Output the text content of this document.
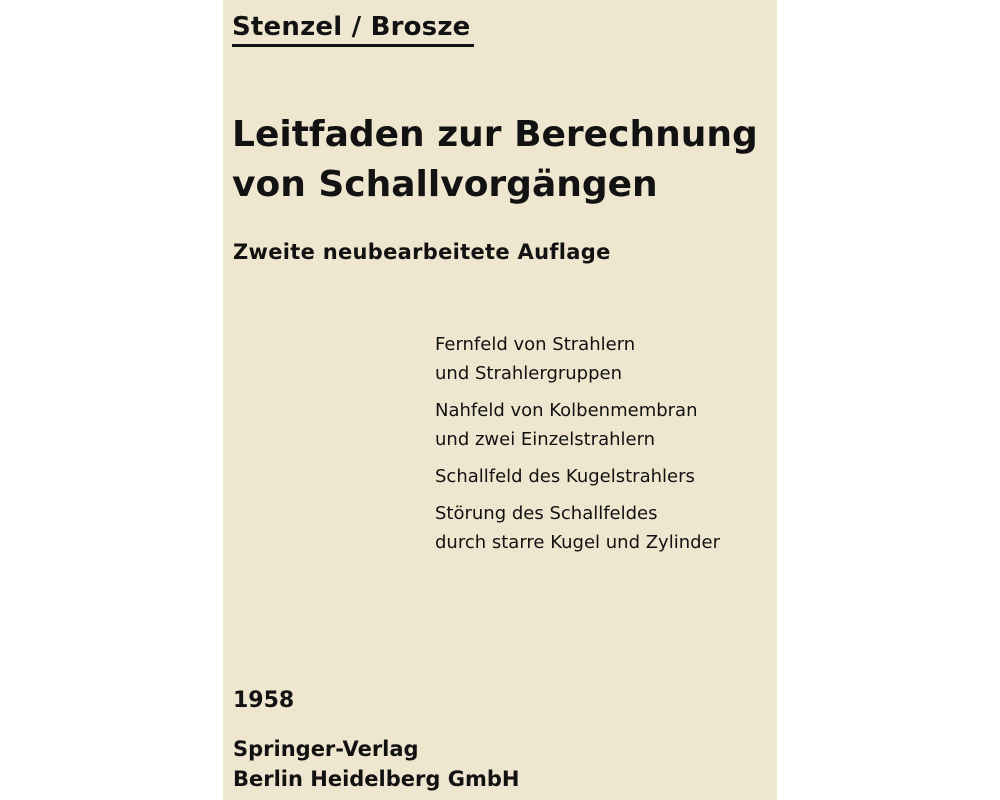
Stenzel / Brosze
Leitfaden zur Berechnung
von Schallvorgängen
Zweite neubearbeitete Auflage
Fernfeld von Strahlern
und Strahlergruppen
Nahfeld von Kolbenmembran
und zwei Einzelstrahlern
Schallfeld des Kugelstrahlers
Störung des Schallfeldes
durch starre Kugel und Zylinder
1958
Springer-Verlag
Berlin Heidelberg GmbH
